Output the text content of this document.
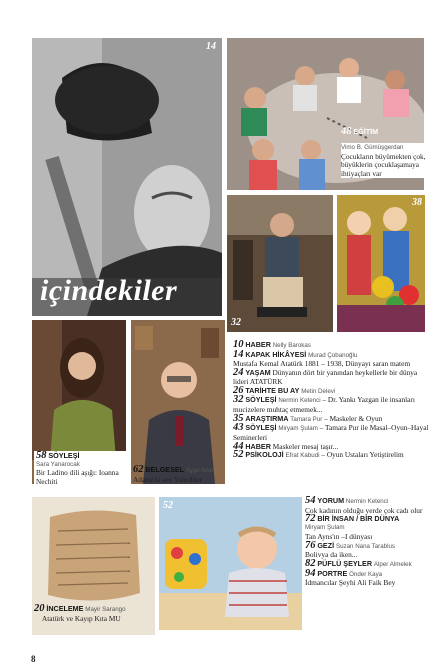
14
içindekiler
48 EĞİTİM
Vimo B. Gümüşgerdan
Çocukların büyümekten çok, büyüklerin çocuklaşamaya ihtiyaçları var
32
38
58 SÖYLEŞİ
Sara Yanarocak
Bir Ladino dili aşığı: Ioanna Nechiti
62 BELGESEL Ayşe Acar
Adana'da son Yahudiler
20 İNCELEME Mayir Sarango
Atatürk ve Kayıp Kıta MU
52
10 HABER Nelly Barokas
14 KAPAK HİKÂYESİ Murad Çobanoğlu
Mustafa Kemal Atatürk 1881 – 1938, Dünyayı saran matem
24 YAŞAM Dünyanın dört bir yanından heykellerle bir dünya lideri ATATÜRK
26 TARİHTE BU AY Metin Delevi
32 SÖYLEŞİ Nermin Ketenci – Dr. Yankı Yazgan ile insanları mucizelere muhtaç etmemek...
35 ARAŞTIRMA Tamara Pur – Maskeler & Oyun
43 SÖYLEŞİ Miryam Şulam – Tamara Pur ile Masal–Oyun–Hayal Seminerleri
44 HABER Maskeler mesaj taşır...
52 PSİKOLOJİ Efrat Kabudi – Oyun Ustaları Yetiştirelim
54 YORUM Nermin Ketenci
Çok kadının olduğu yerde çok cadı olur
72 BİR İNSAN / BİR DÜNYA
Miryam Şulam
Tan Ayns'ın –I dünyası
76 GEZİ Suzan Nana Tarablus
Bolivya da iken...
82 PÜFLÜ ŞEYLER Alper Almelek
94 PORTRE Önder Kaya
İdmancılar Şeyhi Ali Faik Bey
8
